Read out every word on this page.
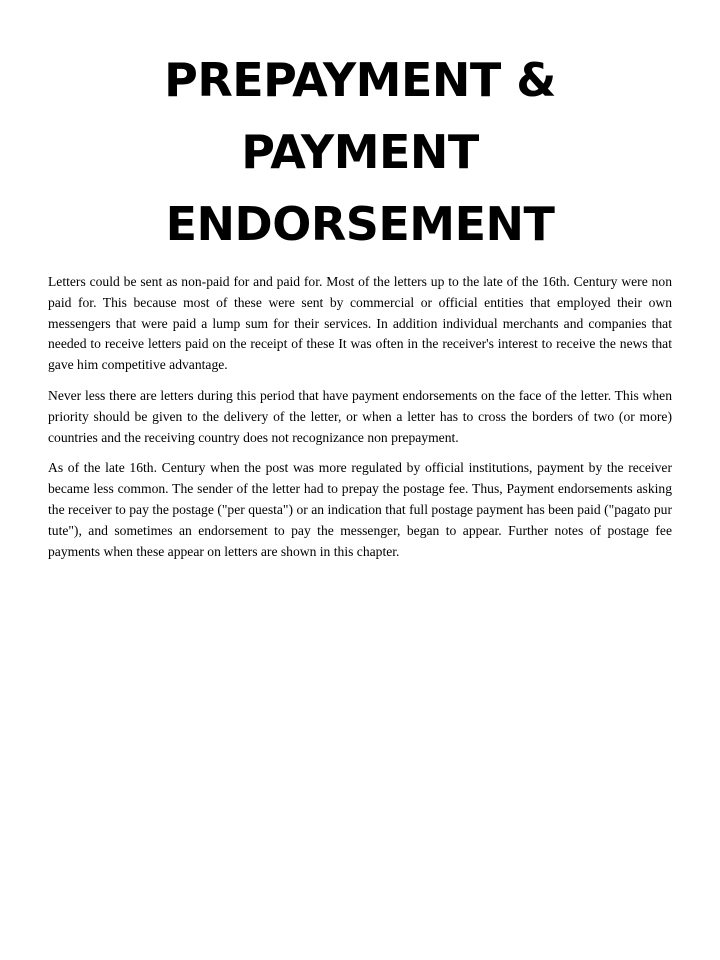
PREPAYMENT &
PAYMENT
ENDORSEMENT

Letters could be sent as non-paid for and paid for. Most of the letters up to the late of the 16th. Century were non paid for. This because most of these were sent by commercial or official entities that employed their own messengers that were paid a lump sum for their services. In addition individual merchants and companies that needed to receive letters paid on the receipt of these It was often in the receiver's interest to receive the news that gave him competitive advantage.

Never less there are letters during this period that have payment endorsements on the face of the letter. This when priority should be given to the delivery of the letter, or when a letter has to cross the borders of two (or more) countries and the receiving country does not recognizance non prepayment.

As of the late 16th. Century when the post was more regulated by official institutions, payment by the receiver became less common. The sender of the letter had to prepay the postage fee. Thus, Payment endorsements asking the receiver to pay the postage ("per questa") or an indication that full postage payment has been paid ("pagato pur tute"), and sometimes an endorsement to pay the messenger, began to appear. Further notes of postage fee payments when these appear on letters are shown in this chapter.
